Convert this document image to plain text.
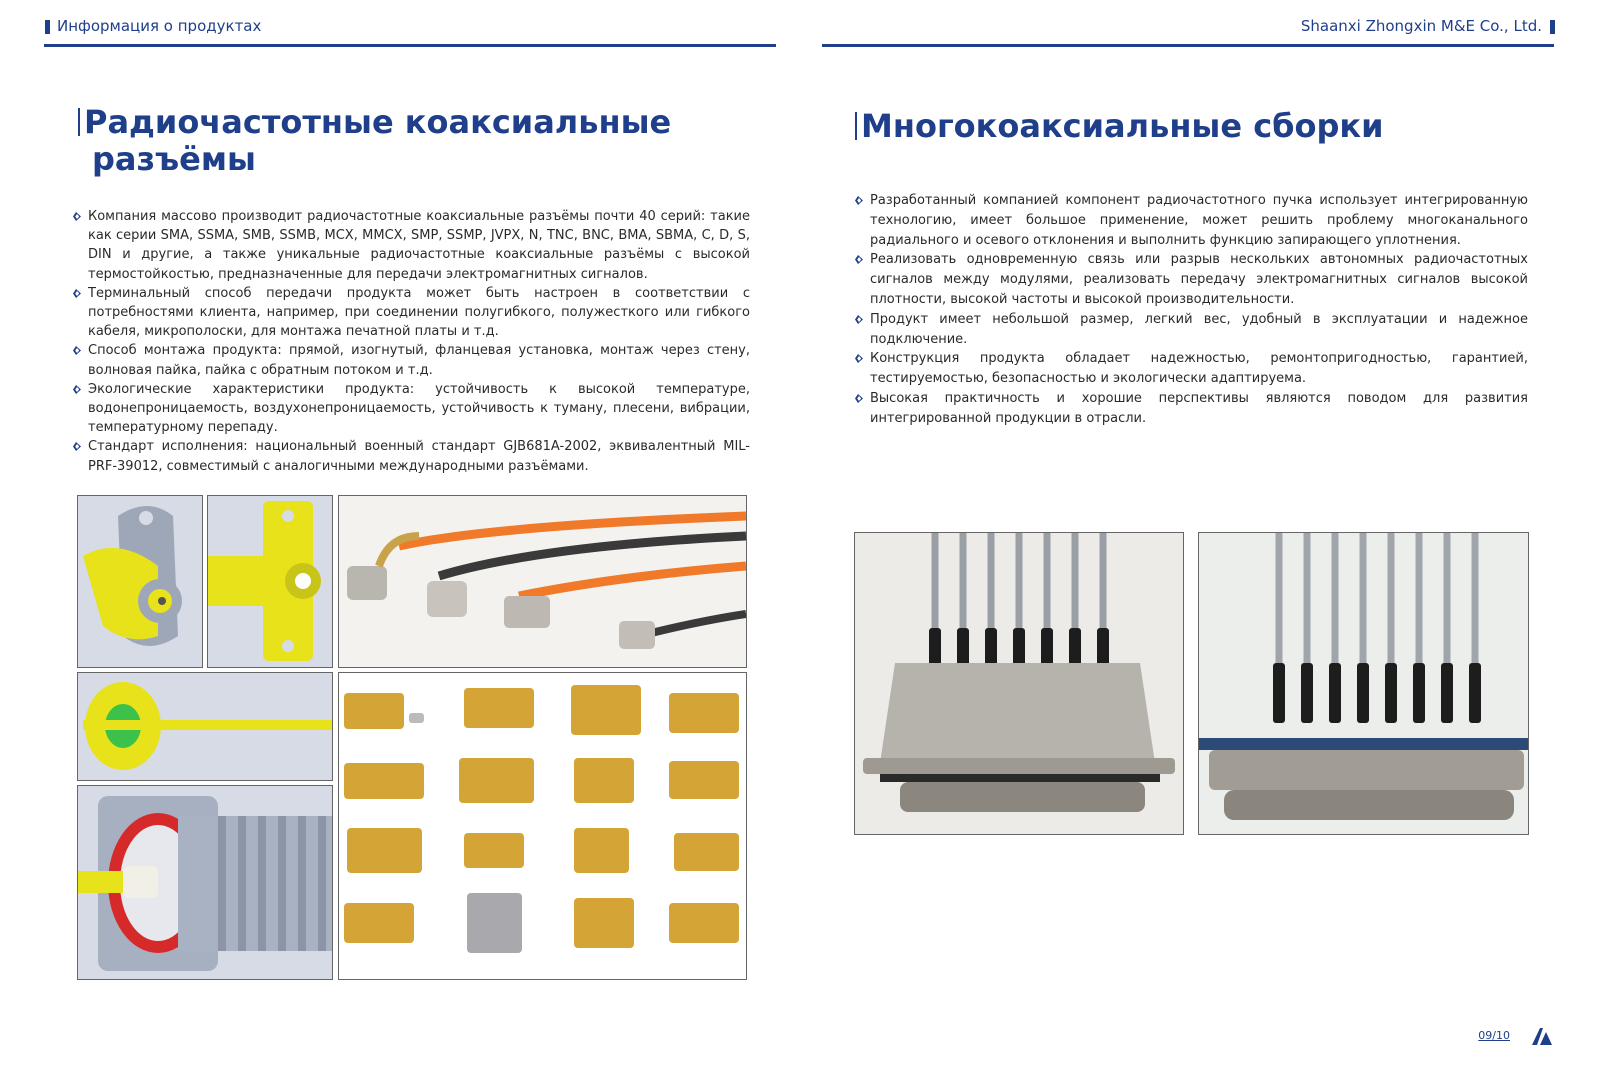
Информация о продуктах	Shaanxi Zhongxin M&E Co., Ltd.
Радиочастотные коаксиальные
разъёмы
Компания массово производит радиочастотные коаксиальные разъёмы почти 40 серий: такие как серии SMA, SSMA, SMB, SSMB, MCX, MMCX, SMP, SSMP, JVPX, N, TNC, BNC, BMA, SBMA, C, D, S, DIN и другие, а также уникальные радиочастотные коаксиальные разъёмы с высокой термостойкостью, предназначенные для передачи электромагнитных сигналов.
Терминальный способ передачи продукта может быть настроен в соответствии с потребностями клиента, например, при соединении полугибкого, полужесткого или гибкого кабеля, микрополоски, для монтажа печатной платы и т.д.
Способ монтажа продукта: прямой, изогнутый, фланцевая установка, монтаж через стену, волновая пайка, пайка с обратным потоком и т.д.
Экологические характеристики продукта: устойчивость к высокой температуре, водонепроницаемость, воздухонепроницаемость, устойчивость к туману, плесени, вибрации, температурному перепаду.
Стандарт исполнения: национальный военный стандарт GJB681A-2002, эквивалентный MIL-PRF-39012, совместимый с аналогичными международными разъёмами.
Многокоаксиальные сборки
Разработанный компанией компонент радиочастотного пучка использует интегрированную технологию, имеет большое применение, может решить проблему многоканального радиального и осевого отклонения и выполнить функцию запирающего уплотнения.
Реализовать одновременную связь или разрыв нескольких автономных радиочастотных сигналов между модулями, реализовать передачу электромагнитных сигналов высокой плотности, высокой частоты и высокой производительности.
Продукт имеет небольшой размер, легкий вес, удобный в эксплуатации и надежное подключение.
Конструкция продукта обладает надежностью, ремонтопригодностью, гарантией, тестируемостью, безопасностью и экологически адаптируема.
Высокая практичность и хорошие перспективы являются поводом для развития интегрированной продукции в отрасли.
09/10
